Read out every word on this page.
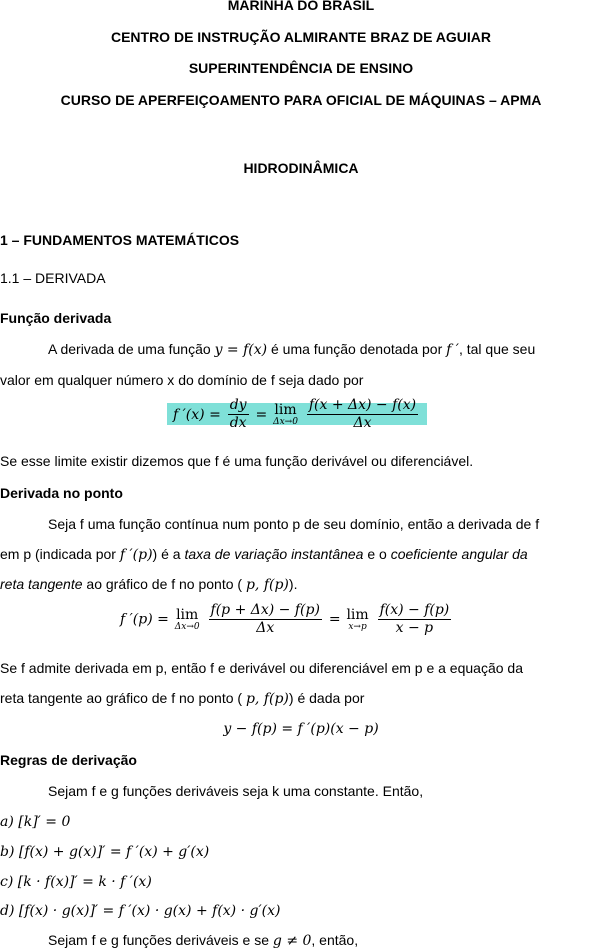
MARINHA DO BRASIL
CENTRO DE INSTRUÇÃO ALMIRANTE BRAZ DE AGUIAR
SUPERINTENDÊNCIA DE ENSINO
CURSO DE APERFEIÇOAMENTO PARA OFICIAL DE MÁQUINAS – APMA
HIDRODINÂMICA
1 – FUNDAMENTOS MATEMÁTICOS
1.1 – DERIVADA
Função derivada
A derivada de uma função y = f(x) é uma função denotada por f ′, tal que seu
valor em qualquer número x do domínio de f seja dado por
f $'(x) = \frac{dy}{dx} = \lim$
Δx→0
$\frac{f(x + \Delta x) - f(x)}{\Delta x}$
Se esse limite existir dizemos que f é uma função derivável ou diferenciável.
Derivada no ponto
Seja f uma função contínua num ponto p de seu domínio, então a derivada de f
em p (indicada por f ′(p)) é a taxa de variação instantânea e o coeficiente angular da
reta tangente ao gráfico de f no ponto ( p, f(p)).
f ′(p) = lim
Δx→0
$\frac{f(p + \Delta x) - f(p)}{\Delta x} = \lim$
x→p
$\frac{f(x) - f(p)}{x - p}$
Se f admite derivada em p, então f e derivável ou diferenciável em p e a equação da
reta tangente ao gráfico de f no ponto ( p, f(p)) é dada por
y − f(p) = f ′(p)(x − p)
Regras de derivação
Sejam f e g funções deriváveis seja k uma constante. Então,
a) [k]′ = 0
b) [f(x) + g(x)]′ = f ′(x) + g′(x)
c) [k · f(x)]′ = k · f ′(x)
d) [f(x) · g(x)]′ = f ′(x) · g(x) + f(x) · g′(x)
Sejam f e g funções deriváveis e se g ≠ 0, então,
